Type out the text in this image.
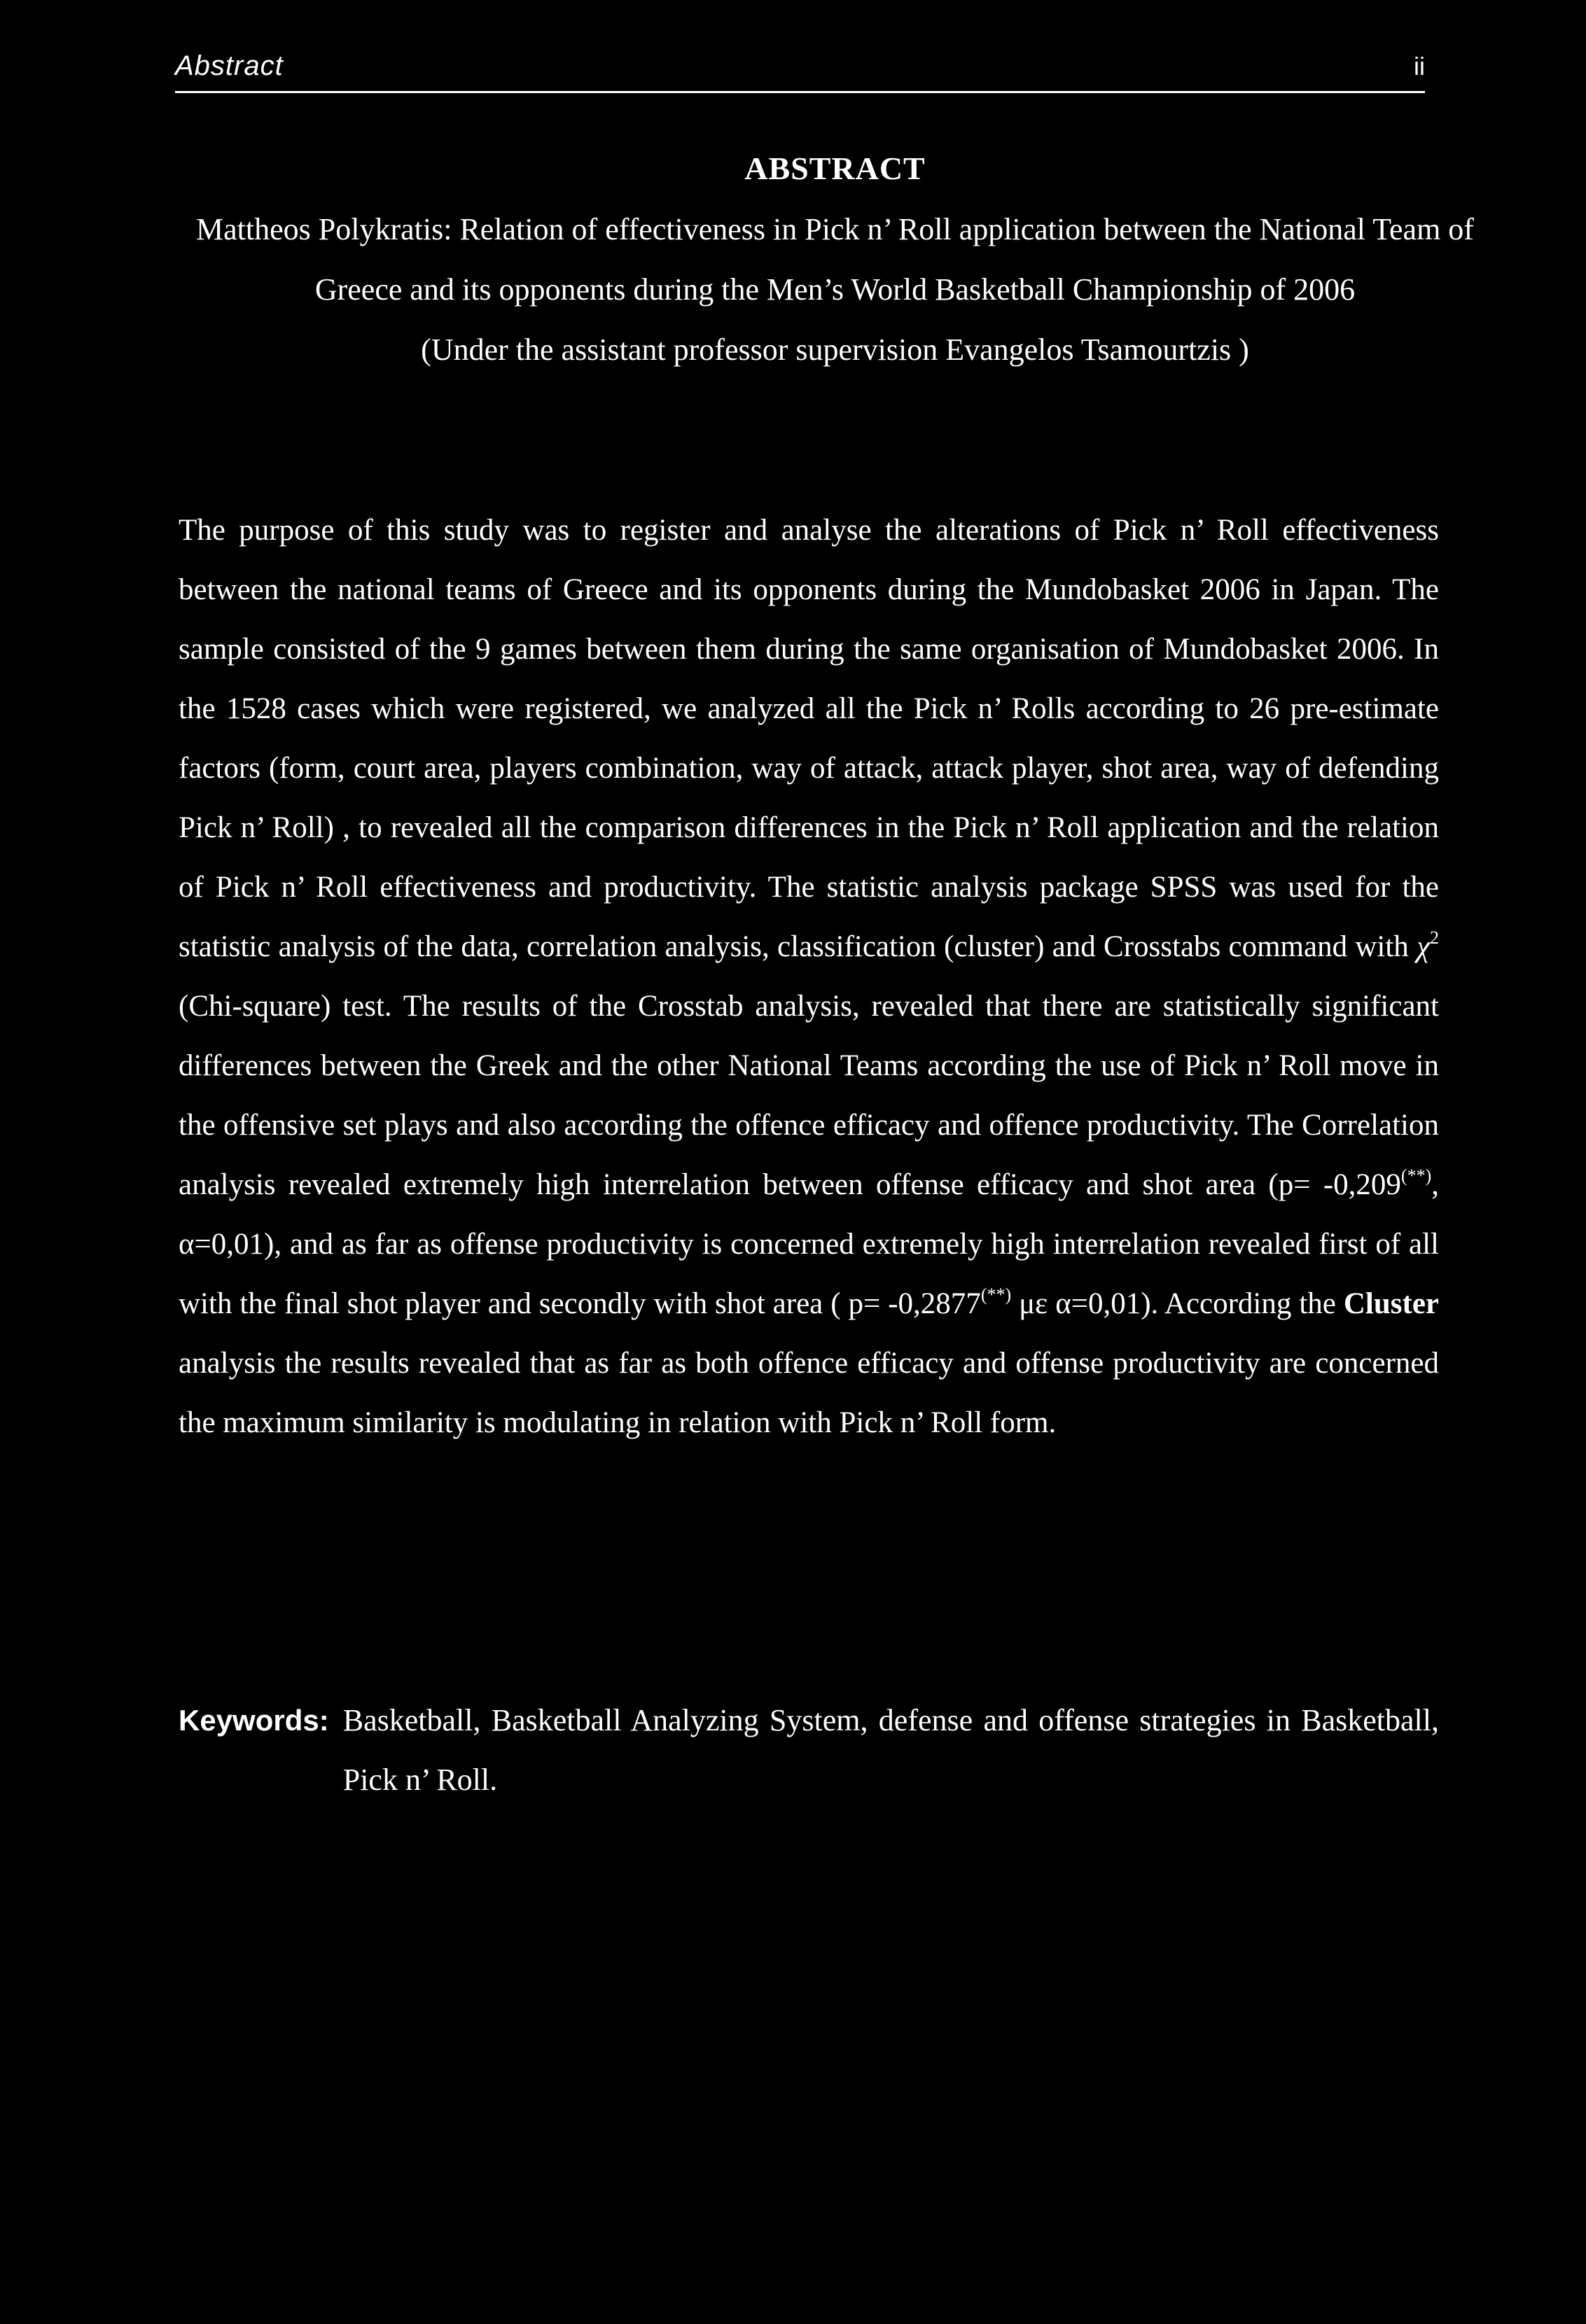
Abstract	ii
ABSTRACT
Mattheos Polykratis: Relation of effectiveness in Pick n’ Roll application between the National Team of Greece and its opponents during the Men’s World Basketball Championship of 2006
(Under the assistant professor supervision Evangelos Tsamourtzis )
The purpose of this study was to register and analyse the alterations of Pick n’ Roll effectiveness between the national teams of Greece and its opponents during the Mundobasket 2006 in Japan. The sample consisted of the 9 games between them during the same organisation of Mundobasket 2006. In the 1528 cases which were registered, we analyzed all the Pick n’ Rolls according to 26 pre-estimate factors (form, court area, players combination, way of attack, attack player, shot area, way of defending Pick n’ Roll) , to revealed all the comparison differences in the Pick n’ Roll application and the relation of Pick n’ Roll effectiveness and productivity. The statistic analysis package SPSS was used for the statistic analysis of the data, correlation analysis, classification (cluster) and Crosstabs command with $\chi^2$ (Chi-square) test. The results of the Crosstab analysis, revealed that there are statistically significant differences between the Greek and the other National Teams according the use of Pick n’ Roll move in the offensive set plays and also according the offence efficacy and offence productivity. The Correlation analysis revealed extremely high interrelation between offense efficacy and shot area (p= -0,209(**), α=0,01), and as far as offense productivity is concerned extremely high interrelation revealed first of all with the final shot player and secondly with shot area ( p= -0,2877(**) με α=0,01). According the Cluster analysis the results revealed that as far as both offence efficacy and offense productivity are concerned the maximum similarity is modulating in relation with Pick n’ Roll form.
Keywords: Basketball, Basketball Analyzing System, defense and offense strategies in Basketball, Pick n’ Roll.
